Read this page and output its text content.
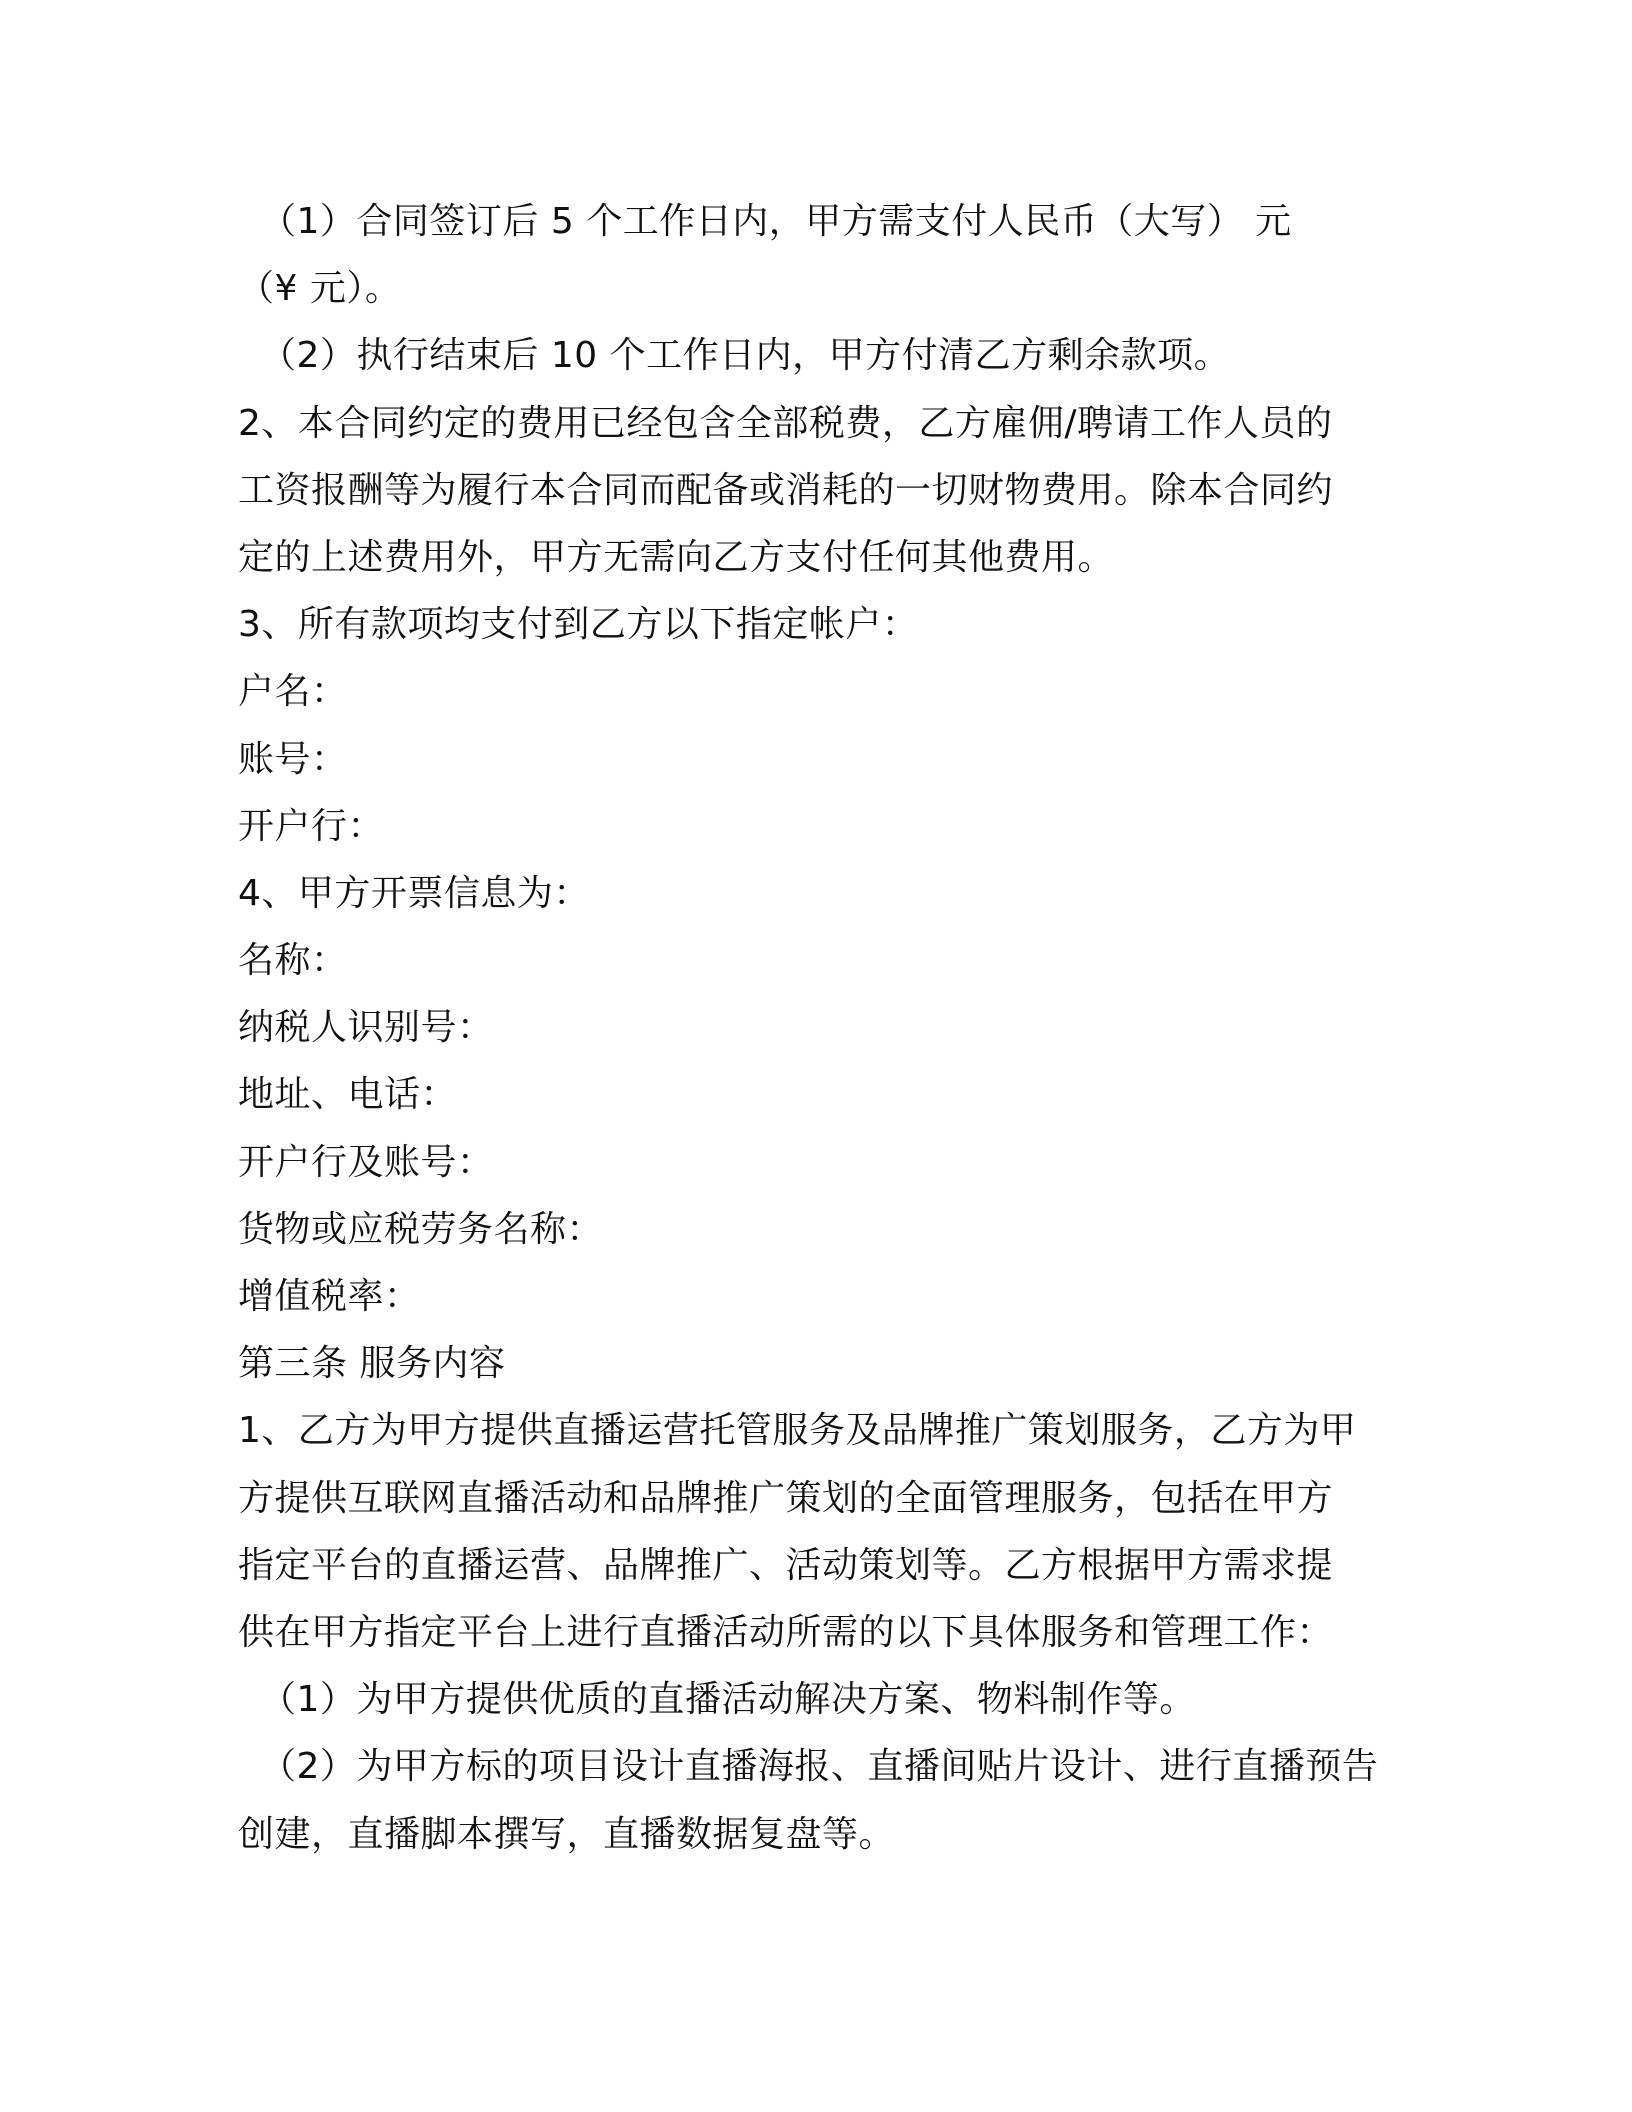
（1）合同签订后 5 个工作日内，甲方需支付人民币（大写） 元
（¥ 元）。
（2）执行结束后 10 个工作日内，甲方付清乙方剩余款项。
2、本合同约定的费用已经包含全部税费，乙方雇佣/聘请工作人员的
工资报酬等为履行本合同而配备或消耗的一切财物费用。除本合同约
定的上述费用外，甲方无需向乙方支付任何其他费用。
3、所有款项均支付到乙方以下指定帐户：
户名：
账号：
开户行：
4、甲方开票信息为：
名称：
纳税人识别号：
地址、电话：
开户行及账号：
货物或应税劳务名称：
增值税率：
第三条 服务内容
1、乙方为甲方提供直播运营托管服务及品牌推广策划服务，乙方为甲
方提供互联网直播活动和品牌推广策划的全面管理服务，包括在甲方
指定平台的直播运营、品牌推广、活动策划等。乙方根据甲方需求提
供在甲方指定平台上进行直播活动所需的以下具体服务和管理工作：
（1）为甲方提供优质的直播活动解决方案、物料制作等。
（2）为甲方标的项目设计直播海报、直播间贴片设计、进行直播预告
创建，直播脚本撰写，直播数据复盘等。
